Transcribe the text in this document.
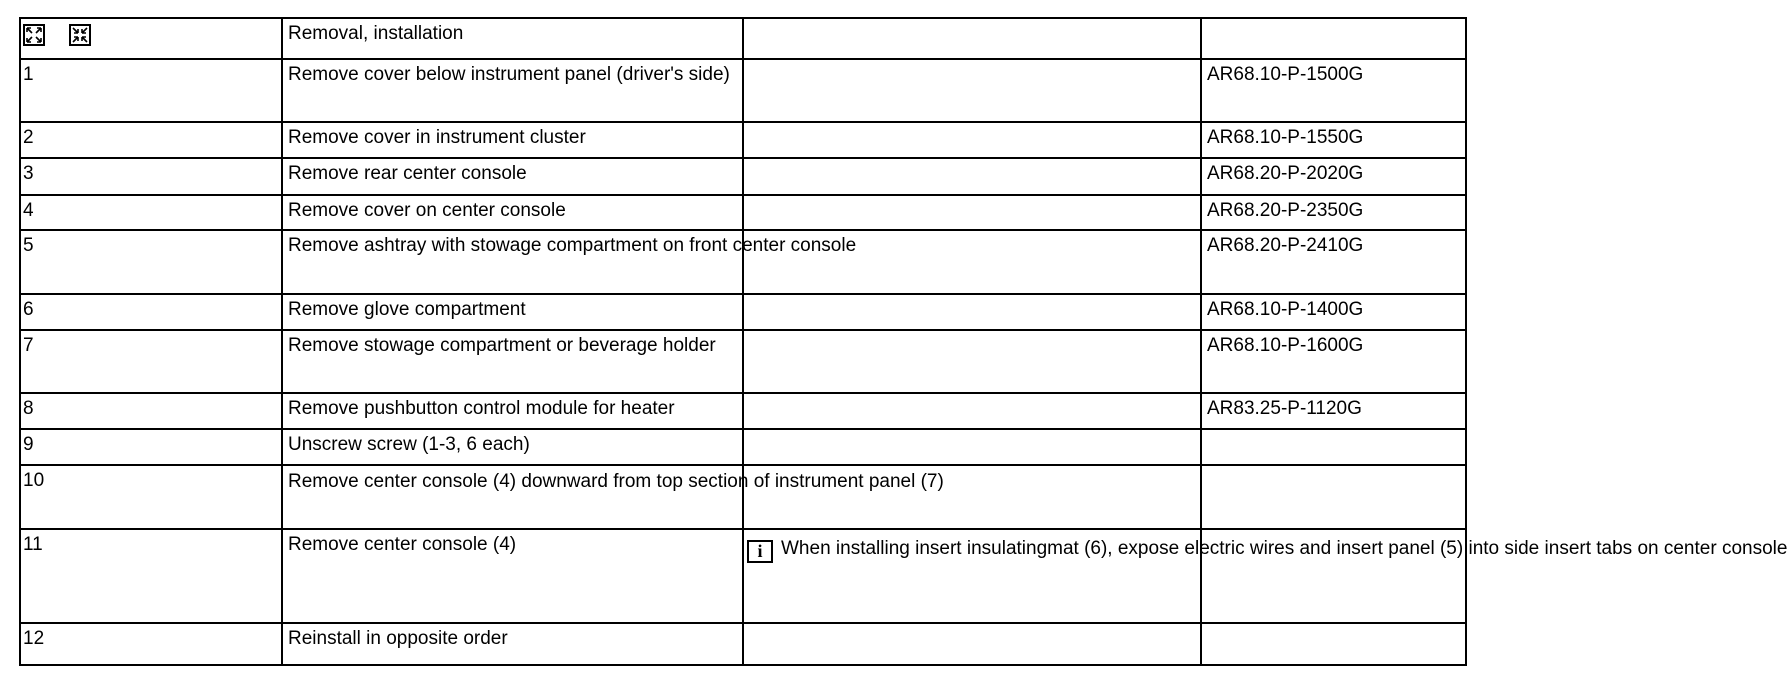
	Removal, installation		
1	Remove cover below instrument panel (driver's side)		AR68.10-P-1500G
2	Remove cover in instrument cluster		AR68.10-P-1550G
3	Remove rear center console		AR68.20-P-2020G
4	Remove cover on center console		AR68.20-P-2350G
5	Remove ashtray with stowage compartment on front center console		AR68.20-P-2410G
6	Remove glove compartment		AR68.10-P-1400G
7	Remove stowage compartment or beverage holder		AR68.10-P-1600G
8	Remove pushbutton control module for heater		AR83.25-P-1120G
9	Unscrew screw (1-3, 6 each)		
10	Remove center console (4) downward from top section of instrument panel (7)		
11	Remove center console (4)	i When installing insert insulatingmat (6), expose electric wires and insert panel (5) into side insert tabs on center console	
12	Reinstall in opposite order		
